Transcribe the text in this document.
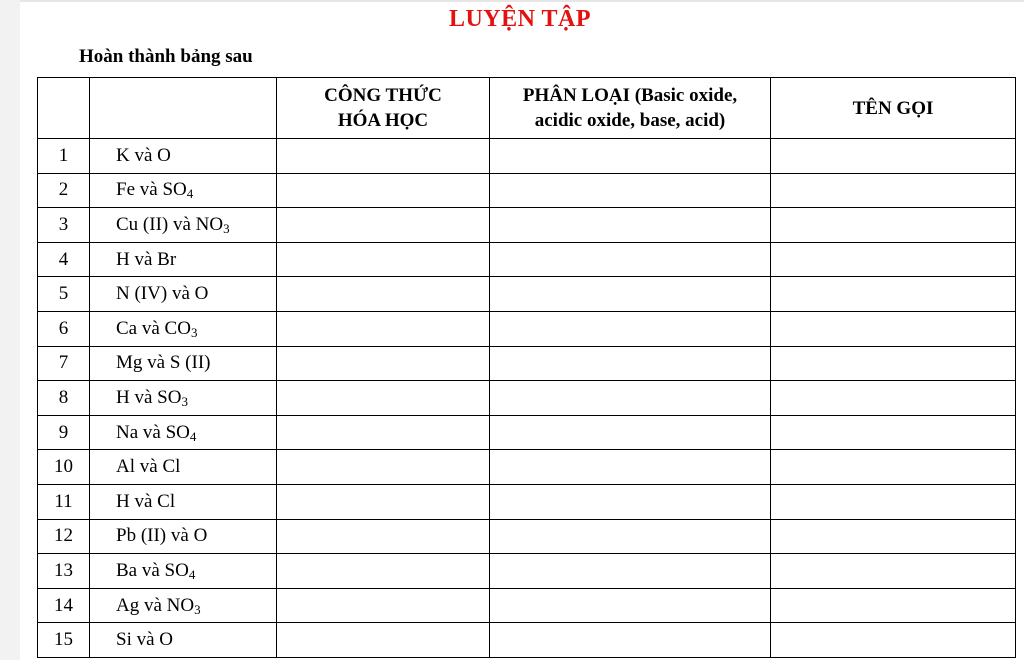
LUYỆN TẬP
Hoàn thành bảng sau
		CÔNG THỨC HÓA HỌC	PHÂN LOẠI (Basic oxide, acidic oxide, base, acid)	TÊN GỌI
1	K và O			
2	Fe và $SO_4$			
3	Cu (II) và $NO_3$			
4	H và Br			
5	N (IV) và O			
6	Ca và $CO_3$			
7	Mg và S (II)			
8	H và $SO_3$			
9	Na và $SO_4$			
10	Al và Cl			
11	H và Cl			
12	Pb (II) và O			
13	Ba và $SO_4$			
14	Ag và $NO_3$			
15	Si và O			
